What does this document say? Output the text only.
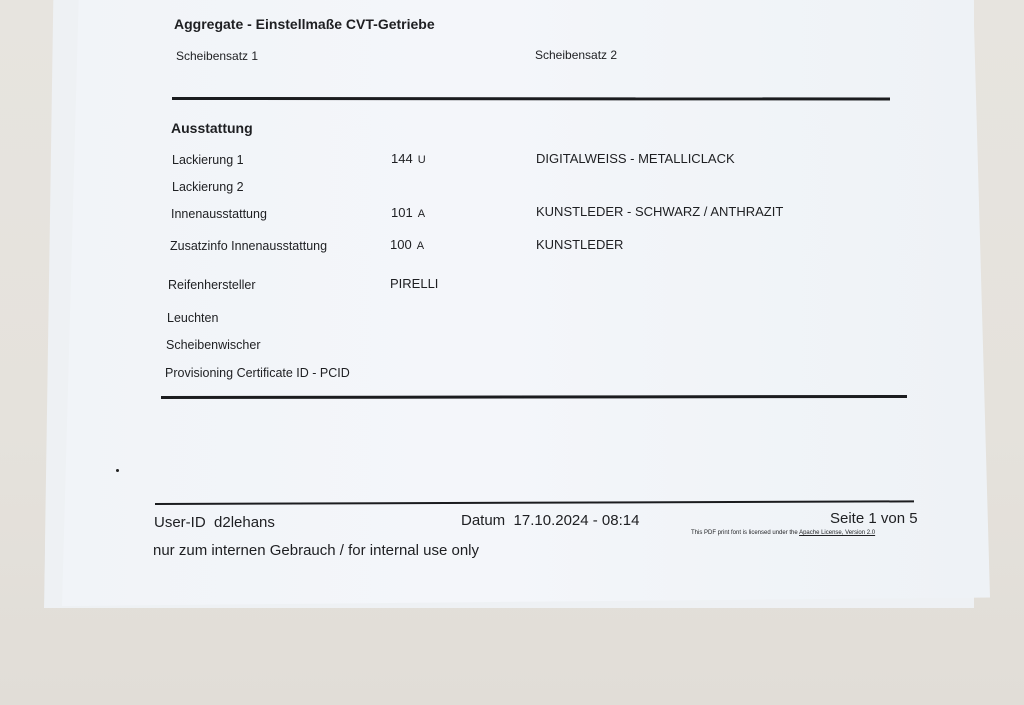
Aggregate - Einstellmaße CVT-Getriebe
Scheibensatz 1	Scheibensatz 2
Ausstattung
Lackierung 1	144 U	DIGITALWEISS - METALLICLACK
Lackierung 2
Innenausstattung	101 A	KUNSTLEDER - SCHWARZ / ANTHRAZIT
Zusatzinfo Innenausstattung	100 A	KUNSTLEDER
Reifenhersteller	PIRELLI
Leuchten
Scheibenwischer
Provisioning Certificate ID - PCID
User-ID d2lehans	Datum 17.10.2024 - 08:14	Seite 1 von 5
This PDF print font is licensed under the Apache License, Version 2.0
nur zum internen Gebrauch / for internal use only
